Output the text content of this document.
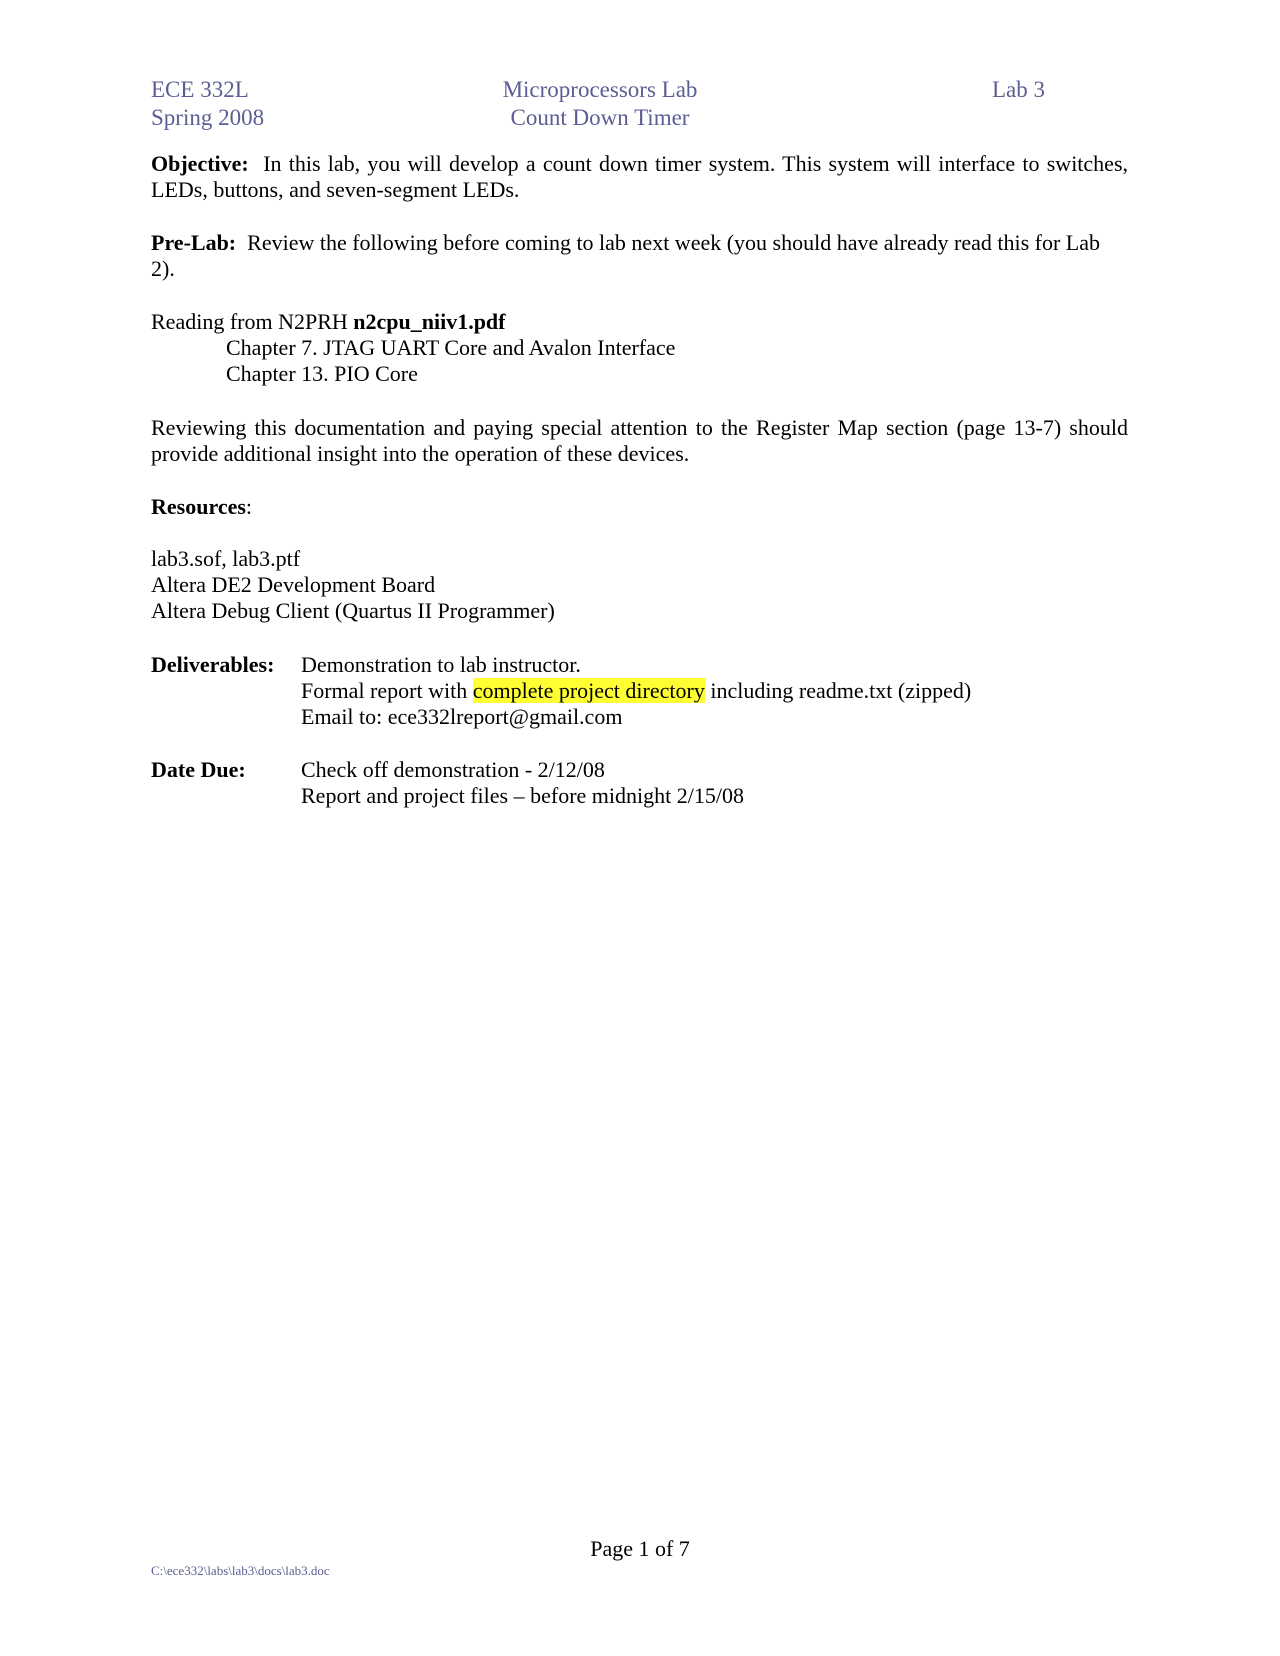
ECE 332L
Spring 2008
Microprocessors Lab
Count Down Timer
Lab 3
Objective: In this lab, you will develop a count down timer system. This system will interface to switches, LEDs, buttons, and seven-segment LEDs.
Pre-Lab: Review the following before coming to lab next week (you should have already read this for Lab 2).
Reading from N2PRH n2cpu_niiv1.pdf
Chapter 7. JTAG UART Core and Avalon Interface
Chapter 13. PIO Core
Reviewing this documentation and paying special attention to the Register Map section (page 13-7) should provide additional insight into the operation of these devices.
Resources:
lab3.sof, lab3.ptf
Altera DE2 Development Board
Altera Debug Client (Quartus II Programmer)
Deliverables: Demonstration to lab instructor.
Formal report with complete project directory including readme.txt (zipped)
Email to: ece332lreport@gmail.com
Date Due:	Check off demonstration - 2/12/08
Report and project files – before midnight 2/15/08
Page 1 of 7
C:\ece332\labs\lab3\docs\lab3.doc
